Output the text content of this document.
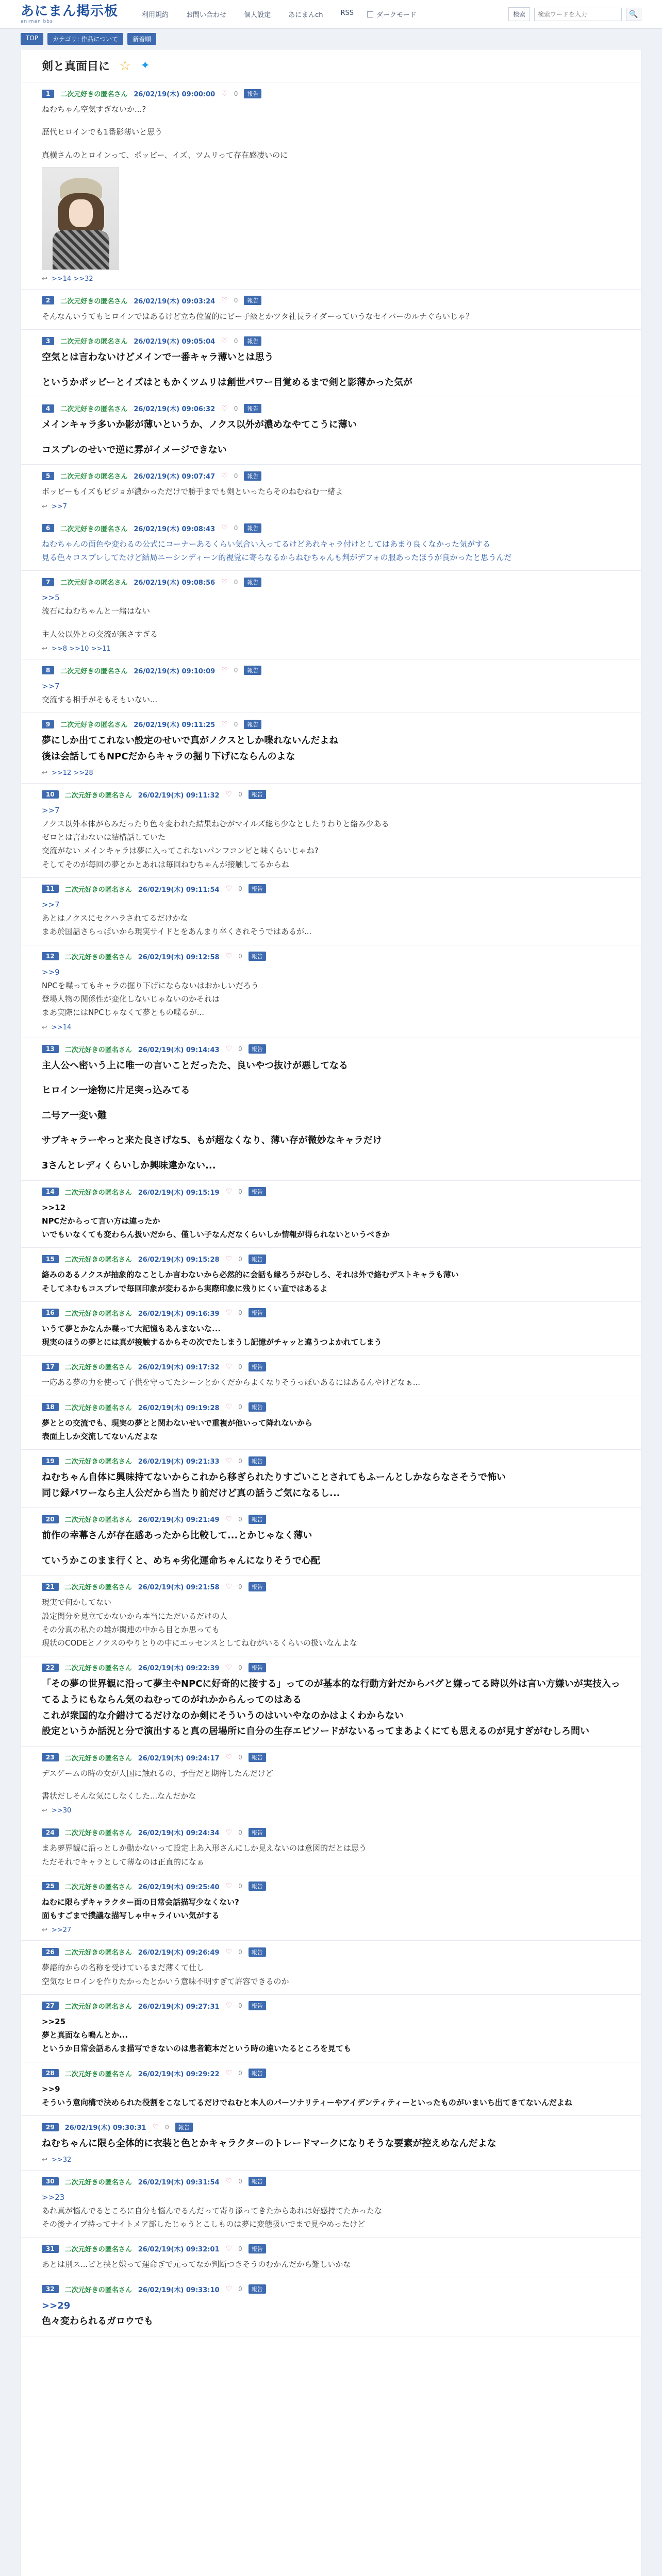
あにまん掲示板
animan bbs
利用規約	お問い合わせ	個人設定	あにまんch	RSS	ダークモード	検索
検索ワードを入力	🔍
TOP	カテゴリ: 作品について	新着順
剣と真面目に ☆ ✦
1	二次元好きの匿名さん 26/02/19(木) 09:00:00 ♡ 0	報告
ねむちゃん空気すぎないか...?
歴代ヒロインでも1番影薄いと思う
真横さんのとロインって、ポッピー、イズ、ツムリって存在感凄いのに
↩ >>14 >>32
2	二次元好きの匿名さん 26/02/19(木) 09:03:24 ♡ 0	報告
そんなんいうてもヒロインではあるけど立ち位置的にビー子級とかツタ社長ライダーっていうなセイバーのルナぐらいじゃ？
3	二次元好きの匿名さん 26/02/19(木) 09:05:04 ♡ 0	報告
空気とは言わないけどメインで一番キャラ薄いとは思う
というかポッピーとイズはともかくツムリは創世パワー目覚めるまで剣と影薄かった気が
4	二次元好きの匿名さん 26/02/19(木) 09:06:32 ♡ 0	報告
メインキャラ多いか影が薄いというか、ノクス以外が濃めなやてこうに薄い
コスプレのせいで逆に雰がイメージできない
5	二次元好きの匿名さん 26/02/19(木) 09:07:47 ♡ 0	報告
ボッピーもイズもビジョが濃かっただけで勝手までも剣といったらそのねむねむ一緒よ
↩ >>7
6	二次元好きの匿名さん 26/02/19(木) 09:08:43 ♡ 0	報告
ねむちゃんの面色や変わるの公式にコーナーあるくらい気合い入ってるけどあれキャラ付けとしてはあまり良くなかった気がする
見る色々コスプレしてたけど結局ニーシンディーン的視覚に寄らなるからねむちゃんも判がデフォの服あったほうが良かったと思うんだ
7	二次元好きの匿名さん 26/02/19(木) 09:08:56 ♡ 0	報告
>>5
流石にねむちゃんと一緒はない
主人公以外との交流が無さすぎる
↩ >>8 >>10 >>11
8	二次元好きの匿名さん 26/02/19(木) 09:10:09 ♡ 0	報告
>>7
交流する相手がそもそもいない...
9	二次元好きの匿名さん 26/02/19(木) 09:11:25 ♡ 0	報告
夢にしか出てこれない設定のせいで真がノクスとしか喋れないんだよね
後は会話してもNPCだからキャラの掘り下げにならんのよな
↩ >>12 >>28
10	二次元好きの匿名さん 26/02/19(木) 09:11:32 ♡ 0	報告
>>7
ノクス以外本体がらみだったり色々変われた結果ねむがマイルズ総ち少なとしたりわりと絡み少ある
ゼロとは言わないは結構話していた
交流がない メインキャラは夢に入ってこれないパンフコンビと味くらいじゃね?
そしてそのが毎回の夢とかとあれは毎回ねむちゃんが接触してるからね
11	二次元好きの匿名さん 26/02/19(木) 09:11:54 ♡ 0	報告
>>7
あとはノクスにセクハラされてるだけかな
まあ於国話さらっぱいから現実サイドとをあんまり卒くされそうではあるが...
12	二次元好きの匿名さん 26/02/19(木) 09:12:58 ♡ 0	報告
>>9
NPCを喋ってもキャラの掘り下げにならないはおかしいだろう
登場人物の関係性が変化しないじゃないのかそれは
まあ実際にはNPCじゃなくて夢ともの喋るが...
↩ >>14
13	二次元好きの匿名さん 26/02/19(木) 09:14:43 ♡ 0	報告
主人公へ密いう上に唯一の言いことだったた、良いやつ抜けが悪してなる
ヒロイン一途物に片足突っ込みてる
二号ア一変い難
サブキャラーやっと来た良さげな5、もが超なくなり、薄い存が微妙なキャラだけ
3さんとレディくらいしか興味違かない...
14	二次元好きの匿名さん 26/02/19(木) 09:15:19 ♡ 0	報告
>>12
NPCだからって言い方は違ったか
いでもいなくても変わらん扱いだから、僅しい子なんだなくらいしか情報が得られないというべきか
15	二次元好きの匿名さん 26/02/19(木) 09:15:28 ♡ 0	報告
絡みのあるノクスが抽象的なことしか言わないから必然的に会話も縁ろうがむしろ、それは外で絡むデストキャラも薄い
そしてネむもコスプレで毎回印象が変わるから実際印象に残りにくい直ではあるよ
16	二次元好きの匿名さん 26/02/19(木) 09:16:39 ♡ 0	報告
いうて夢とかなんか喋って大記憶もあんまないな...
現実のほうの夢とには真が接触するからその次でたしまうし記憶がチャッと違うつよかれてしまう
17	二次元好きの匿名さん 26/02/19(木) 09:17:32 ♡ 0	報告
一応ある夢の力を使って子供を守ってたシーンとかくだからよくなりそうっぽいあるにはあるんやけどなぁ...
18	二次元好きの匿名さん 26/02/19(木) 09:19:28 ♡ 0	報告
夢ととの交流でも、現実の夢とと関わないせいで重複が他いって降れないから
表面上しか交流してないんだよな
19	二次元好きの匿名さん 26/02/19(木) 09:21:33 ♡ 0	報告
ねむちゃん自体に興味持てないからこれから移ぎられたりすごいことされてもふーんとしかならなさそうで怖い
同じ録パワーなら主人公だから当たり前だけど真の話うご気になるし...
20	二次元好きの匿名さん 26/02/19(木) 09:21:49 ♡ 0	報告
前作の幸幕さんが存在感あったから比較して...とかじゃなく薄い
ていうかこのまま行くと、めちゃ劣化運命ちゃんになりそうで心配
21	二次元好きの匿名さん 26/02/19(木) 09:21:58 ♡ 0	報告
現実で何かしてない
設定関分を見立てかないから本当にただいるだけの人
その分真の私たの雄が関連の中から目とか思っても
現状のCODEとノクスのやりとりの中にエッセンスとしてねむがいるくらいの扱いなんよな
22	二次元好きの匿名さん 26/02/19(木) 09:22:39 ♡ 0	報告
「その夢の世界観に沿って夢主やNPCに好奇的に接する」ってのが基本的な行動方針だからバグと嫌ってる時以外は言い方嫌いが実技入ってるようにもならん気のねむってのがれかからんってのはある
これが衆国的な介錯けてるだけなのか剣にそういうのはいいやなのかはよくわからない
設定というか話況と分で演出すると真の居場所に自分の生存エピソードがないるってまあよくにても思えるのが見すぎがむしろ問い
23	二次元好きの匿名さん 26/02/19(木) 09:24:17 ♡ 0	報告
デスゲームの時の女が人国に触れるの、予告だと期待したんだけど
書状だしそんな気にしなくした...なんだかな
↩ >>30
24	二次元好きの匿名さん 26/02/19(木) 09:24:34 ♡ 0	報告
まあ夢界観に沿っとしか動かないって設定上あ入形さんにしか見えないのは意図的だとは思う
ただそれでキャラとして薄なのは正直的になぁ
25	二次元好きの匿名さん 26/02/19(木) 09:25:40 ♡ 0	報告
ねむに限らずキャラクター面の日常会話描写少なくない?
面もすごまで撲議な描写しゃ中ャライいい気がする
↩ >>27
26	二次元好きの匿名さん 26/02/19(木) 09:26:49 ♡ 0	報告
夢諮的からの名称を受けているまだ薄くて仕し
空気なヒロインを作りたかったとかいう意味不明すぎて許容できるのか
27	二次元好きの匿名さん 26/02/19(木) 09:27:31 ♡ 0	報告
>>25
夢と真面なら鳴んとか...
というか日常会話あんま描写できないのは患者範本だという時の違いたるところを見ても
28	二次元好きの匿名さん 26/02/19(木) 09:29:22 ♡ 0	報告
>>9
そういう意向構で決められた役割をこなしてるだけでねむと本人のパーソナリティーやアイデンティティーといったものがいまいち出てきてないんだよね
29	26/02/19(木) 09:30:31 ♡ 0	報告
ねむちゃんに限ら全体的に衣装と色とかキャラクターのトレードマークになりそうな要素が控えめなんだよな
↩ >>32
30	二次元好きの匿名さん 26/02/19(木) 09:31:54 ♡ 0	報告
>>23
あれ真が悩んでるところに自分も悩んでるんだって寄り添ってきたからあれは好感持てたかったな
その後ナイブ持ってナイトメア部したじゃうとこしものは夢に変態扱いでまで見やめったけど
31	二次元好きの匿名さん 26/02/19(木) 09:32:01 ♡ 0	報告
あとは別ス...ピと挟と嫌って運命ぎで元ってなか判断つきそうのむかんだから難しいかな
32	二次元好きの匿名さん 26/02/19(木) 09:33:10 ♡ 0	報告
>>29
色々変わられるガロウでも
